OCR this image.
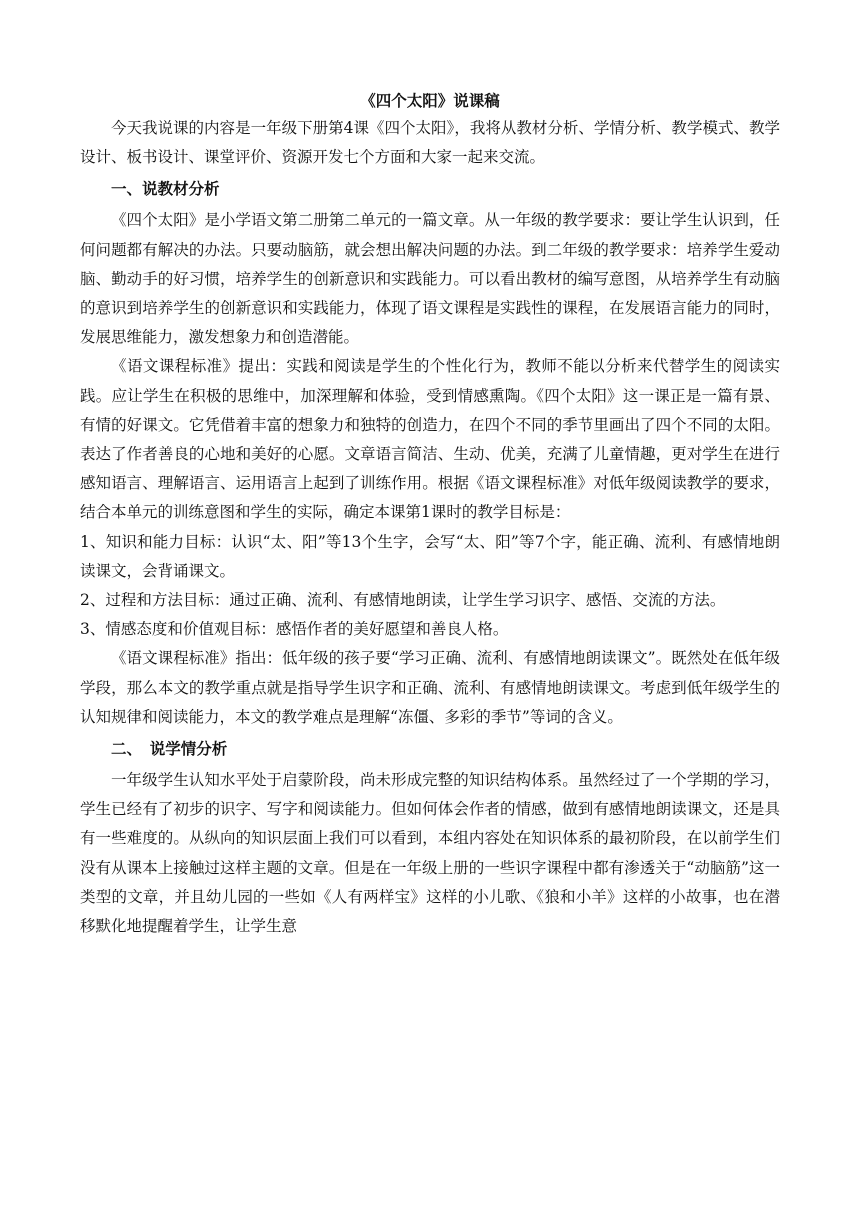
《四个太阳》说课稿

今天我说课的内容是一年级下册第4课《四个太阳》，我将从教材分析、学情分析、教学模式、教学设计、板书设计、课堂评价、资源开发七个方面和大家一起来交流。

一、说教材分析

《四个太阳》是小学语文第二册第二单元的一篇文章。从一年级的教学要求：要让学生认识到，任何问题都有解决的办法。只要动脑筋，就会想出解决问题的办法。到二年级的教学要求：培养学生爱动脑、勤动手的好习惯，培养学生的创新意识和实践能力。可以看出教材的编写意图，从培养学生有动脑的意识到培养学生的创新意识和实践能力，体现了语文课程是实践性的课程，在发展语言能力的同时，发展思维能力，激发想象力和创造潜能。

《语文课程标准》提出：实践和阅读是学生的个性化行为，教师不能以分析来代替学生的阅读实践。应让学生在积极的思维中，加深理解和体验，受到情感熏陶。《四个太阳》这一课正是一篇有景、有情的好课文。它凭借着丰富的想象力和独特的创造力，在四个不同的季节里画出了四个不同的太阳。表达了作者善良的心地和美好的心愿。文章语言简洁、生动、优美，充满了儿童情趣，更对学生在进行感知语言、理解语言、运用语言上起到了训练作用。根据《语文课程标准》对低年级阅读教学的要求，结合本单元的训练意图和学生的实际，确定本课第1课时的教学目标是：

1、知识和能力目标：认识“太、阳”等13个生字，会写“太、阳”等7个字，能正确、流利、有感情地朗读课文，会背诵课文。

2、过程和方法目标：通过正确、流利、有感情地朗读，让学生学习识字、感悟、交流的方法。

3、情感态度和价值观目标：感悟作者的美好愿望和善良人格。

《语文课程标准》指出：低年级的孩子要“学习正确、流利、有感情地朗读课文”。既然处在低年级学段，那么本文的教学重点就是指导学生识字和正确、流利、有感情地朗读课文。考虑到低年级学生的认知规律和阅读能力，本文的教学难点是理解“冻僵、多彩的季节”等词的含义。

二、　说学情分析

一年级学生认知水平处于启蒙阶段，尚未形成完整的知识结构体系。虽然经过了一个学期的学习，学生已经有了初步的识字、写字和阅读能力。但如何体会作者的情感，做到有感情地朗读课文，还是具有一些难度的。从纵向的知识层面上我们可以看到，本组内容处在知识体系的最初阶段，在以前学生们没有从课本上接触过这样主题的文章。但是在一年级上册的一些识字课程中都有渗透关于“动脑筋”这一类型的文章，并且幼儿园的一些如《人有两样宝》这样的小儿歌、《狼和小羊》这样的小故事，也在潜移默化地提醒着学生，让学生意
